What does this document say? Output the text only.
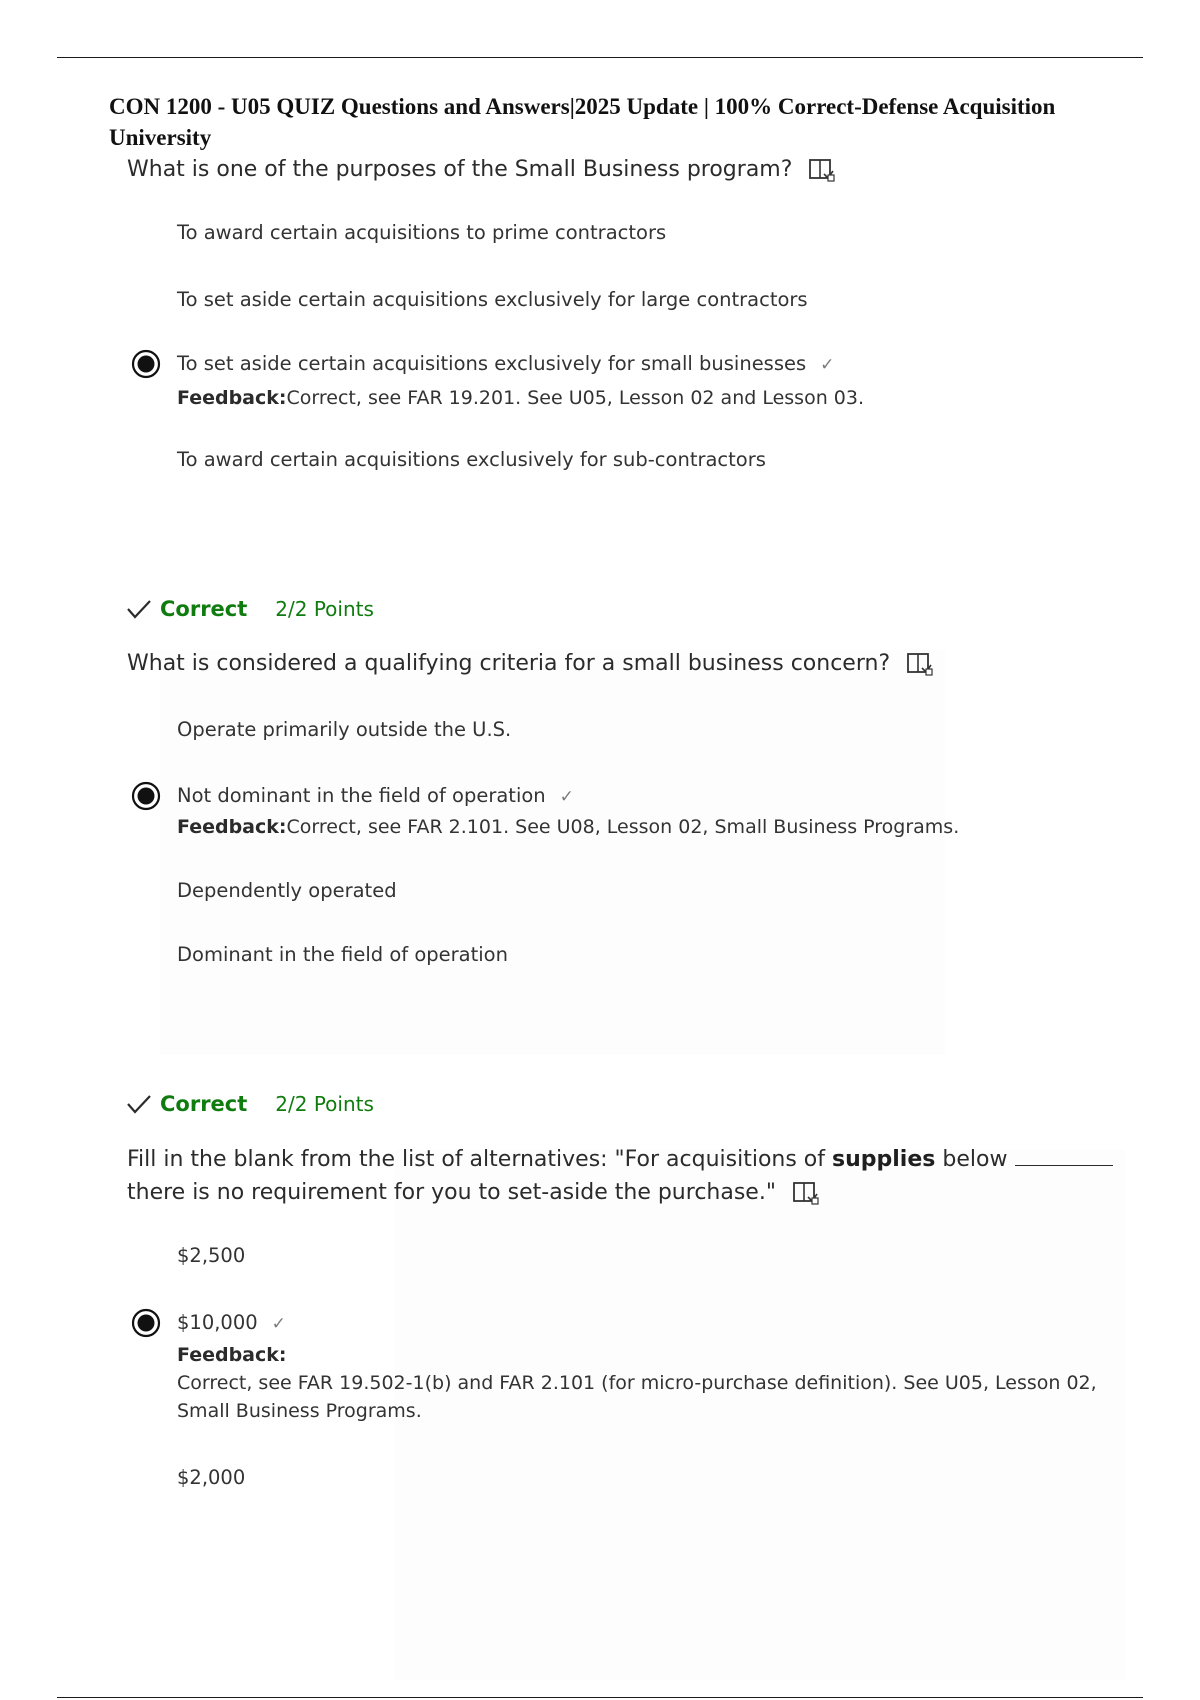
CON 1200 - U05 QUIZ Questions and Answers|2025 Update | 100% Correct-Defense Acquisition University

What is one of the purposes of the Small Business program?

To award certain acquisitions to prime contractors
To set aside certain acquisitions exclusively for large contractors
To set aside certain acquisitions exclusively for small businesses ✓

Feedback:Correct, see FAR 19.201. See U05, Lesson 02 and Lesson 03.

To award certain acquisitions exclusively for sub-contractors
Correct 2/2 Points

What is considered a qualifying criteria for a small business concern?

Operate primarily outside the U.S.
Not dominant in the field of operation ✓

Feedback:Correct, see FAR 2.101. See U08, Lesson 02, Small Business Programs.

Dependently operated
Dominant in the field of operation
Correct 2/2 Points

Fill in the blank from the list of alternatives: "For acquisitions of supplies below
there is no requirement for you to set-aside the purchase."

$2,500
$10,000 ✓

Feedback:
Correct, see FAR 19.502-1(b) and FAR 2.101 (for micro-purchase definition). See U05, Lesson 02,
Small Business Programs.

$2,000
